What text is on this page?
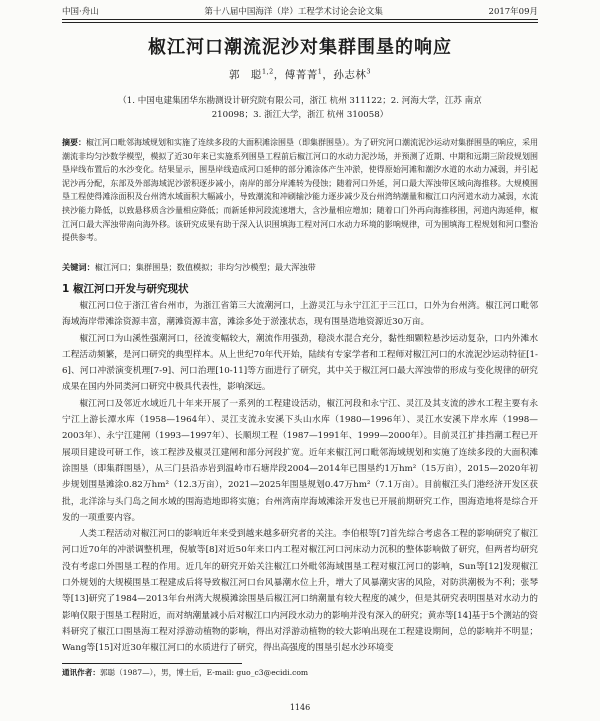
中国·舟山	第十八届中国海洋（岸）工程学术讨论会论文集	2017年09月
椒江河口潮流泥沙对集群围垦的响应
郭　聪$^{1,2}$，傅菁菁$^1$，孙志林$^3$
（1. 中国电建集团华东勘测设计研究院有限公司，浙江 杭州 311122；2. 河海大学，江苏 南京
210098；3. 浙江大学，浙江 杭州 310058）
摘要：椒江河口毗邻海域规划和实施了连续多段的大面积滩涂围垦（即集群围垦）。为了研究河口潮流泥沙运动对集群围垦的响应，采用潮流非均匀沙数学模型，模拟了近30年来已实施系列围垦工程前后椒江河口的水动力泥沙场，并预测了近期、中期和远期三阶段规划围垦岸线布置后的水沙变化。结果显示，围垦岸线造成河口延伸的部分滩涂体产生冲淤，使得原始河滩和潮汐水道的水动力减弱，并引起泥沙再分配，东部及外部海域泥沙淤积逐步减小，南岸的部分岸滩转为侵蚀；随着河口外延，河口最大浑浊带区域向海推移。大规模围垦工程使得滩涂面积及台州湾水域面积大幅减小，导致潮流和冲刷输沙能力逐步减少及台州湾纳潮量和椒江口内河道水动力减弱，水流挟沙能力降低，以致悬移质含沙量相应降低；而新延伸河段流速增大，含沙量相应增加；随着口门外再向海推移围，河道内海延伸，椒江河口最大浑浊带南向海外移。该研究成果有助于深入认识围填海工程对河口水动力环境的影响规律，可为围填海工程规划和河口整治提供参考。
关键词：椒江河口；集群围垦；数值模拟；非均匀沙模型；最大浑浊带
1 椒江河口开发与研究现状

椒江河口位于浙江省台州市，为浙江省第三大流潮河口，上游灵江与永宁江汇于三江口，口外为台州湾。椒江河口毗邻海域海岸带滩涂资源丰富，潮滩资源丰富，滩涂多处于淤涨状态，现有围垦造地资源近30万亩。

椒江河口为山溪性强潮河口，径流变幅较大，潮流作用强劲，稳淡水混合充分，黏性细颗粒悬沙运动复杂，口内外滩水工程活动频繁，是河口研究的典型样本。从上世纪70年代开始，陆续有专家学者和工程师对椒江河口的水流泥沙运动特征[1-6]、河口冲淤演变机理[7-9]、河口治理[10-11]等方面进行了研究，其中关于椒江河口最大浑浊带的形成与变化规律的研究成果在国内外同类河口研究中极具代表性，影响深远。

椒江河口及邻近水域近几十年来开展了一系列的工程建设活动，椒江河段和永宁江、灵江及其支流的涉水工程主要有永宁江上游长潭水库（1958—1964年）、灵江支流永安溪下头山水库（1980—1996年）、灵江水安溪下岸水库（1998—2003年）、永宁江建闸（1993—1997年）、长顺坝工程（1987—1991年、1999—2000年）。目前灵江扩排挡潮工程已开展项目建设可研工作，该工程涉及椒灵江建闸和部分河段扩宽。近年来椒江河口毗邻海域规划和实施了连续多段的大面积滩涂围垦（即集群围垦），从三门县沿赤岩到温岭市石塘岸段2004—2014年已围垦约1万hm²（15万亩），2015—2020年初步规划围垦滩涂0.82万hm²（12.3万亩），2021—2025年围垦规划0.47万hm²（7.1万亩）。目前椒江头门港经济开发区获批，北洋涂与头门岛之间水域的围海造地即将实施；台州湾南岸海域滩涂开发也已开展前期研究工作，围海造地将是综合开发的一项重要内容。

人类工程活动对椒江河口的影响近年来受到越来越多研究者的关注。李伯根等[7]首先综合考虑各工程的影响研究了椒江河口近70年的冲淤调整机理，倪敏等[8]对近50年来口内工程对椒江河口河床动力沉积的整体影响做了研究，但两者均研究没有考虑口外围垦工程的作用。近几年的研究开始关注椒江口外毗邻海域围垦工程对椒江河口的影响，Sun等[12]发现椒江口外规划的大规模围垦工程建成后将导致椒江河口台风暴潮水位上升，增大了风暴潮灾害的风险，对防洪潮极为不利；张琴等[13]研究了1984—2013年台州湾大规模滩涂围垦后椒江河口纳潮量有较大程度的减少，但是其研究表明围垦对水动力的影响仅限于围垦工程附近，而对纳潮量减小后对椒江口内河段水动力的影响并没有深入的研究；黄赤等[14]基于5个测站的资料研究了椒江口围垦海工程对浮游动植物的影响，得出对浮游动植物的较大影响出现在工程建设期间，总的影响并不明显；Wang等[15]对近30年椒江河口的水质进行了研究，得出高强度的围垦引起水沙环境变

通讯作者：郭聪（1987—），男，博士后，E-mail: guo_c3@ecidi.com
1146
